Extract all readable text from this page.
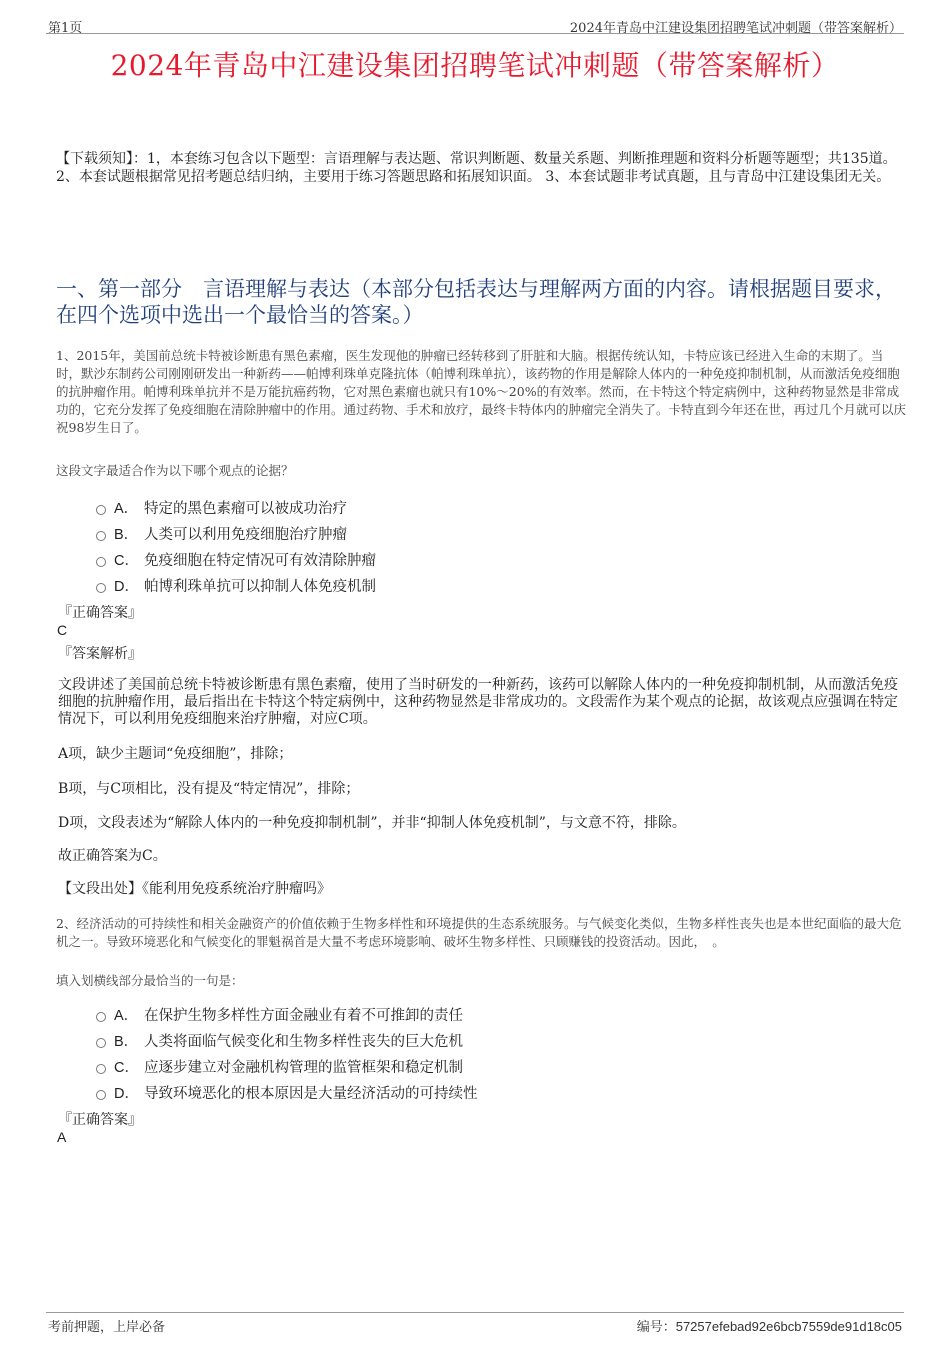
第1页	2024年青岛中江建设集团招聘笔试冲刺题（带答案解析）
2024年青岛中江建设集团招聘笔试冲刺题（带答案解析）
【下载须知】：1，本套练习包含以下题型：言语理解与表达题、常识判断题、数量关系题、判断推理题和资料分析题等题型；共135道。 2、本套试题根据常见招考题总结归纳，主要用于练习答题思路和拓展知识面。 3、本套试题非考试真题，且与青岛中江建设集团无关。
一、第一部分　言语理解与表达（本部分包括表达与理解两方面的内容。请根据题目要求，在四个选项中选出一个最恰当的答案。）
1、2015年，美国前总统卡特被诊断患有黑色素瘤，医生发现他的肿瘤已经转移到了肝脏和大脑。根据传统认知，卡特应该已经进入生命的末期了。当时，默沙东制药公司刚刚研发出一种新药——帕博利珠单克隆抗体（帕博利珠单抗），该药物的作用是解除人体内的一种免疫抑制机制，从而激活免疫细胞的抗肿瘤作用。帕博利珠单抗并不是万能抗癌药物，它对黑色素瘤也就只有10%～20%的有效率。然而，在卡特这个特定病例中，这种药物显然是非常成功的，它充分发挥了免疫细胞在清除肿瘤中的作用。通过药物、手术和放疗，最终卡特体内的肿瘤完全消失了。卡特直到今年还在世，再过几个月就可以庆祝98岁生日了。
这段文字最适合作为以下哪个观点的论据？
A． 特定的黑色素瘤可以被成功治疗
B． 人类可以利用免疫细胞治疗肿瘤
C． 免疫细胞在特定情况可有效清除肿瘤
D． 帕博利珠单抗可以抑制人体免疫机制
『正确答案』
C
『答案解析』
文段讲述了美国前总统卡特被诊断患有黑色素瘤，使用了当时研发的一种新药，该药可以解除人体内的一种免疫抑制机制，从而激活免疫细胞的抗肿瘤作用，最后指出在卡特这个特定病例中，这种药物显然是非常成功的。文段需作为某个观点的论据，故该观点应强调在特定情况下，可以利用免疫细胞来治疗肿瘤，对应C项。
A项，缺少主题词“免疫细胞”，排除；
B项，与C项相比，没有提及“特定情况”，排除；
D项，文段表述为“解除人体内的一种免疫抑制机制”，并非“抑制人体免疫机制”，与文意不符，排除。
故正确答案为C。
【文段出处】《能利用免疫系统治疗肿瘤吗》
2、经济活动的可持续性和相关金融资产的价值依赖于生物多样性和环境提供的生态系统服务。与气候变化类似，生物多样性丧失也是本世纪面临的最大危机之一。导致环境恶化和气候变化的罪魁祸首是大量不考虑环境影响、破坏生物多样性、只顾赚钱的投资活动。因此，　。
填入划横线部分最恰当的一句是：
A． 在保护生物多样性方面金融业有着不可推卸的责任
B． 人类将面临气候变化和生物多样性丧失的巨大危机
C． 应逐步建立对金融机构管理的监管框架和稳定机制
D． 导致环境恶化的根本原因是大量经济活动的可持续性
『正确答案』
A
考前押题，上岸必备	编号：57257efebad92e6bcb7559de91d18c05
